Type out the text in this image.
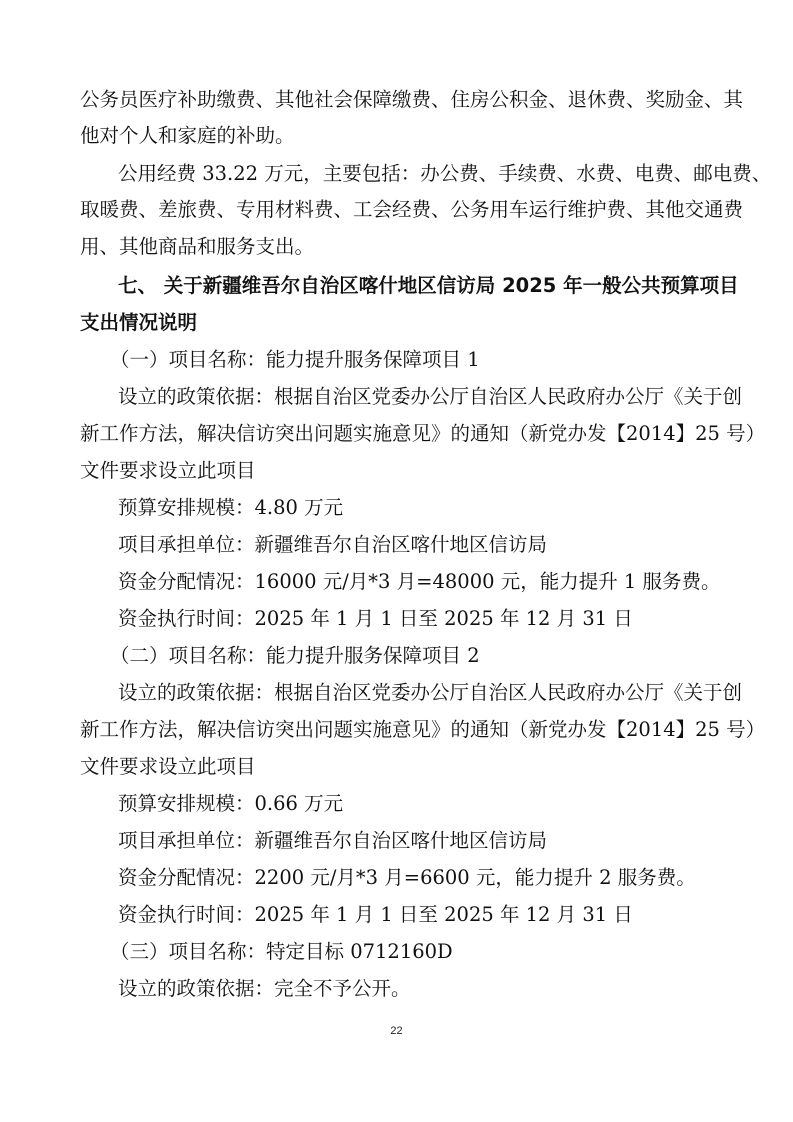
公务员医疗补助缴费、其他社会保障缴费、住房公积金、退休费、奖励金、其
他对个人和家庭的补助。
公用经费 33.22 万元，主要包括：办公费、手续费、水费、电费、邮电费、
取暖费、差旅费、专用材料费、工会经费、公务用车运行维护费、其他交通费
用、其他商品和服务支出。
七、 关于新疆维吾尔自治区喀什地区信访局 2025 年一般公共预算项目
支出情况说明
（一）项目名称：能力提升服务保障项目 1
设立的政策依据：根据自治区党委办公厅自治区人民政府办公厅《关于创
新工作方法，解决信访突出问题实施意见》的通知（新党办发【2014】25 号）
文件要求设立此项目
预算安排规模：4.80 万元
项目承担单位：新疆维吾尔自治区喀什地区信访局
资金分配情况：16000 元/月*3 月=48000 元，能力提升 1 服务费。
资金执行时间：2025 年 1 月 1 日至 2025 年 12 月 31 日
（二）项目名称：能力提升服务保障项目 2
设立的政策依据：根据自治区党委办公厅自治区人民政府办公厅《关于创
新工作方法，解决信访突出问题实施意见》的通知（新党办发【2014】25 号）
文件要求设立此项目
预算安排规模：0.66 万元
项目承担单位：新疆维吾尔自治区喀什地区信访局
资金分配情况：2200 元/月*3 月=6600 元，能力提升 2 服务费。
资金执行时间：2025 年 1 月 1 日至 2025 年 12 月 31 日
（三）项目名称：特定目标 0712160D
设立的政策依据：完全不予公开。
22
